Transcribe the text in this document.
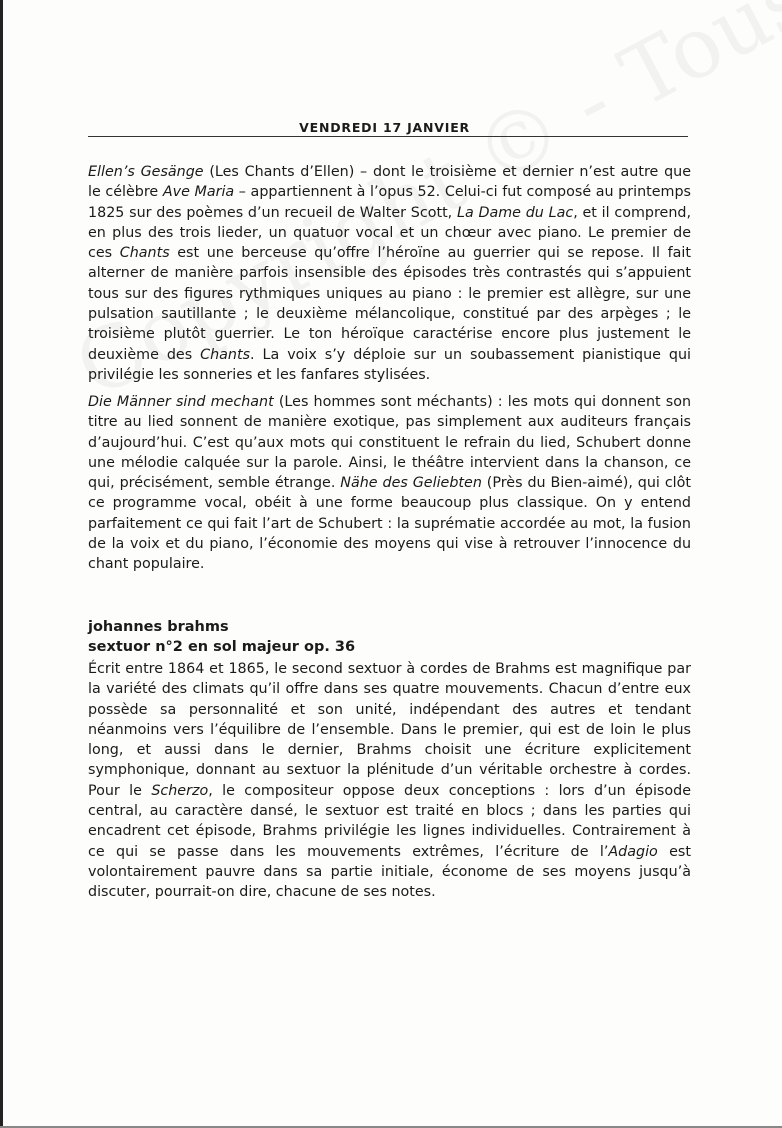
VENDREDI 17 JANVIER

Ellen’s Gesänge (Les Chants d’Ellen) – dont le troisième et dernier n’est autre que le célèbre Ave Maria – appartiennent à l’opus 52. Celui-ci fut composé au printemps 1825 sur des poèmes d’un recueil de Walter Scott, La Dame du Lac, et il comprend, en plus des trois lieder, un quatuor vocal et un chœur avec piano. Le premier de ces Chants est une berceuse qu’offre l’héroïne au guerrier qui se repose. Il fait alterner de manière parfois insensible des épisodes très contrastés qui s’appuient tous sur des figures rythmiques uniques au piano : le premier est allègre, sur une pulsation sautillante ; le deuxième mélancolique, constitué par des arpèges ; le troisième plutôt guerrier. Le ton héroïque caractérise encore plus justement le deuxième des Chants. La voix s’y déploie sur un soubassement pianistique qui privilégie les sonneries et les fanfares stylisées.

Die Männer sind mechant (Les hommes sont méchants) : les mots qui donnent son titre au lied sonnent de manière exotique, pas simplement aux auditeurs français d’aujourd’hui. C’est qu’aux mots qui constituent le refrain du lied, Schubert donne une mélodie calquée sur la parole. Ainsi, le théâtre intervient dans la chanson, ce qui, précisément, semble étrange. Nähe des Geliebten (Près du Bien-aimé), qui clôt ce programme vocal, obéit à une forme beaucoup plus classique. On y entend parfaitement ce qui fait l’art de Schubert : la suprématie accordée au mot, la fusion de la voix et du piano, l’économie des moyens qui vise à retrouver l’innocence du chant populaire.

johannes brahms
sextuor n°2 en sol majeur op. 36

Écrit entre 1864 et 1865, le second sextuor à cordes de Brahms est magnifique par la variété des climats qu’il offre dans ses quatre mouvements. Chacun d’entre eux possède sa personnalité et son unité, indépendant des autres et tendant néanmoins vers l’équilibre de l’ensemble. Dans le premier, qui est de loin le plus long, et aussi dans le dernier, Brahms choisit une écriture explicitement symphonique, donnant au sextuor la plénitude d’un véritable orchestre à cordes. Pour le Scherzo, le compositeur oppose deux conceptions : lors d’un épisode central, au caractère dansé, le sextuor est traité en blocs ; dans les parties qui encadrent cet épisode, Brahms privilégie les lignes individuelles. Contrairement à ce qui se passe dans les mouvements extrêmes, l’écriture de l’Adagio est volontairement pauvre dans sa partie initiale, économe de ses moyens jusqu’à discuter, pourrait-on dire, chacune de ses notes.
